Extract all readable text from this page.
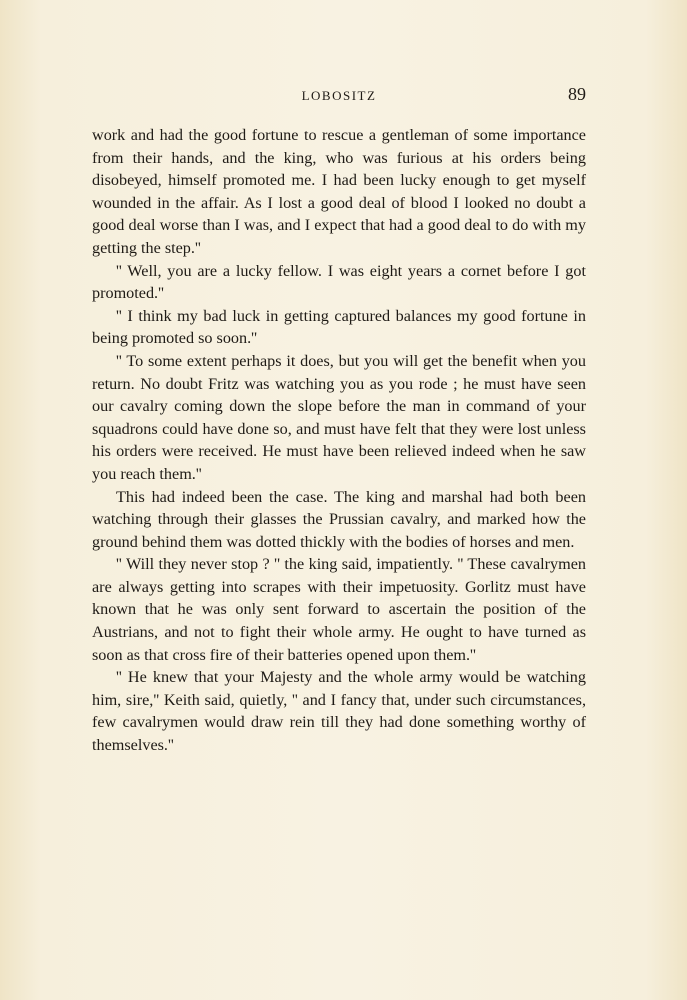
LOBOSITZ	89

work and had the good fortune to rescue a gentleman of some importance from their hands, and the king, who was furious at his orders being disobeyed, himself promoted me. I had been lucky enough to get myself wounded in the affair. As I lost a good deal of blood I looked no doubt a good deal worse than I was, and I expect that had a good deal to do with my getting the step.''

'' Well, you are a lucky fellow. I was eight years a cornet before I got promoted.''

'' I think my bad luck in getting captured balances my good fortune in being promoted so soon.''

'' To some extent perhaps it does, but you will get the benefit when you return. No doubt Fritz was watching you as you rode ; he must have seen our cavalry coming down the slope before the man in command of your squadrons could have done so, and must have felt that they were lost unless his orders were received. He must have been relieved indeed when he saw you reach them.''

This had indeed been the case. The king and marshal had both been watching through their glasses the Prussian cavalry, and marked how the ground behind them was dotted thickly with the bodies of horses and men.

'' Will they never stop ? '' the king said, impatiently. '' These cavalrymen are always getting into scrapes with their impetuosity. Gorlitz must have known that he was only sent forward to ascertain the position of the Austrians, and not to fight their whole army. He ought to have turned as soon as that cross fire of their batteries opened upon them.''

'' He knew that your Majesty and the whole army would be watching him, sire,'' Keith said, quietly, '' and I fancy that, under such circumstances, few cavalrymen would draw rein till they had done something worthy of themselves.''
